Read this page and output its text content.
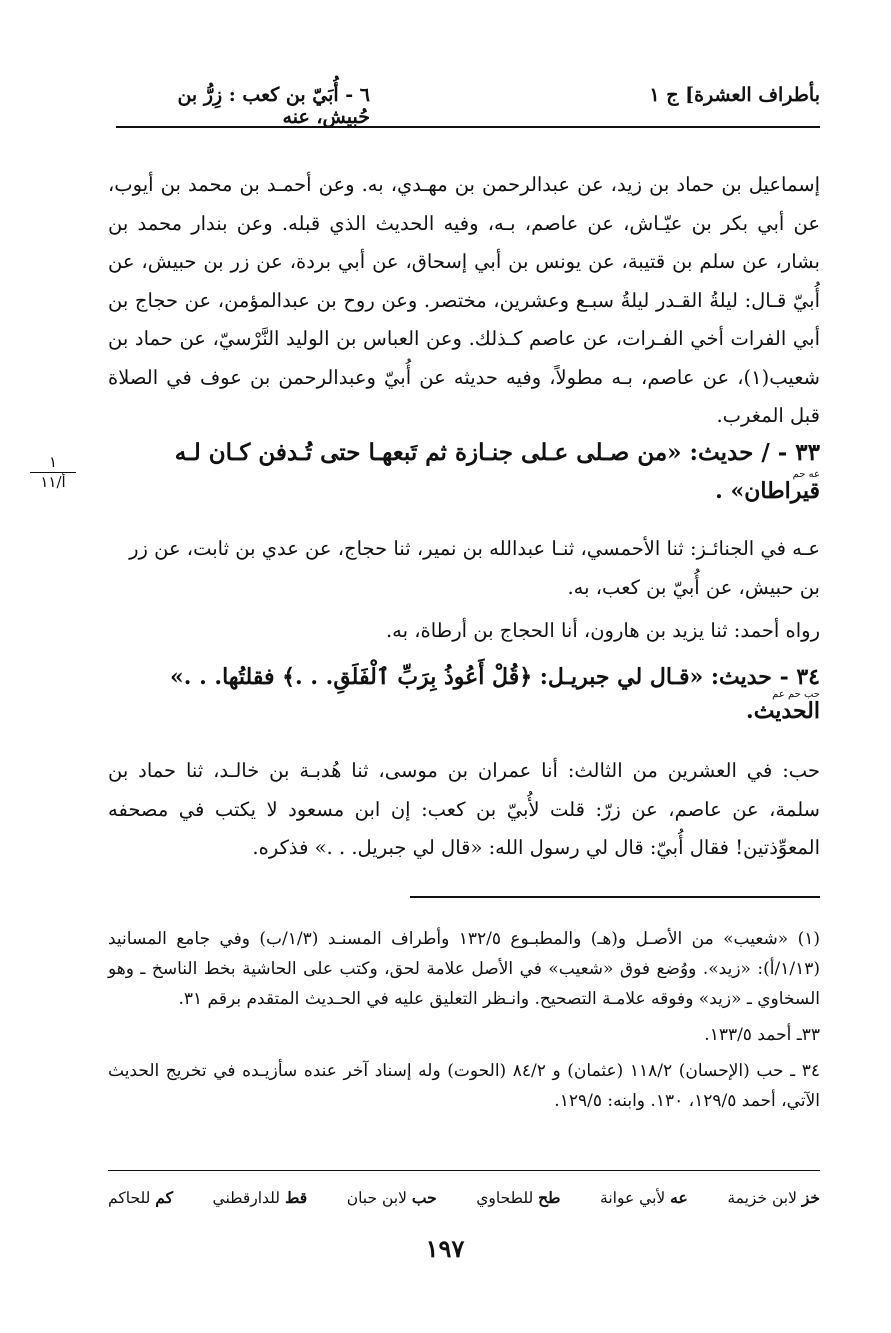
بأطراف العشرة] ج ١
٦ - أُبَيّ بن كعب : زِرُّ بن حُبيش، عنه
إسماعيل بن حماد بن زيد، عن عبدالرحمن بن مهـدي، به. وعن أحمـد بن محمد بن أيوب، عن أبي بكر بن عيّـاش، عن عاصم، بـه، وفيه الحديث الذي قبله. وعن بندار محمد بن بشار، عن سلم بن قتيبة، عن يونس بن أبي إسحاق، عن أبي بردة، عن زر بن حبيش، عن أُبيّ قـال: ليلةُ القـدر ليلةُ سبـع وعشرين، مختصر. وعن روح بن عبدالمؤمن، عن حجاج بن أبي الفرات أخي الفـرات، عن عاصم كـذلك. وعن العباس بن الوليد النَّرْسيّ، عن حماد بن شعيب(١)، عن عاصم، بـه مطولاً، وفيه حديثه عن أُبيّ وعبدالرحمن بن عوف في الصلاة قبل المغرب.
١
أ/١١
٣٣ - / حديث: «من صـلى عـلى جنـازة ثم تَبعهـا حتى تُـدفن كـان لـه
عه حم
قيراطان» .
عـه في الجنائـز: ثنا الأحمسي، ثنـا عبدالله بن نمير، ثنا حجاج، عن عدي بن ثابت، عن زر بن حبيش، عن أُبيّ بن كعب، به.
رواه أحمد: ثنا يزيد بن هارون، أنا الحجاج بن أرطاة، به.
٣٤ - حديث: «قـال لي جبريـل: ﴿قُلْ أَعُوذُ بِرَبِّ ٱلْفَلَقِ. . .﴾ فقلتُها. . .»
حب حم عم
الحديث.
حب: في العشرين من الثالث: أنا عمران بن موسى، ثنا هُدبـة بن خالـد، ثنا حماد بن سلمة، عن عاصم، عن زرّ: قلت لأُبيّ بن كعب: إن ابن مسعود لا يكتب في مصحفه المعوِّذتين! فقال أُبيّ: قال لي رسول الله: «قال لي جبريل. . .» فذكره.

(١) «شعيب» من الأصـل و(هـ) والمطبـوع ١٣٢/٥ وأطراف المسنـد (١/٣/ب) وفي جامع المسانيد (١/١٣/أ): «زيد». ووُضع فوق «شعيب» في الأصل علامة لحق، وكتب على الحاشية بخط الناسخ ـ وهو السخاوي ـ «زيد» وفوقه علامـة التصحيح. وانـظر التعليق عليه في الحـديث المتقدم برقم ٣١.

٣٣ـ أحمد ١٣٣/٥.

٣٤ ـ حب (الإحسان) ١١٨/٢ (عثمان) و ٨٤/٢ (الحوت) وله إسناد آخر عنده سأزيـده في تخريج الحديث الآتي، أحمد ١٢٩/٥، ١٣٠. وابنه: ١٢٩/٥.

خز لابن خزيمة
عه لأبي عوانة
طح للطحاوي
حب لابن حبان
قط للدارقطني
كم للحاكم
١٩٧
